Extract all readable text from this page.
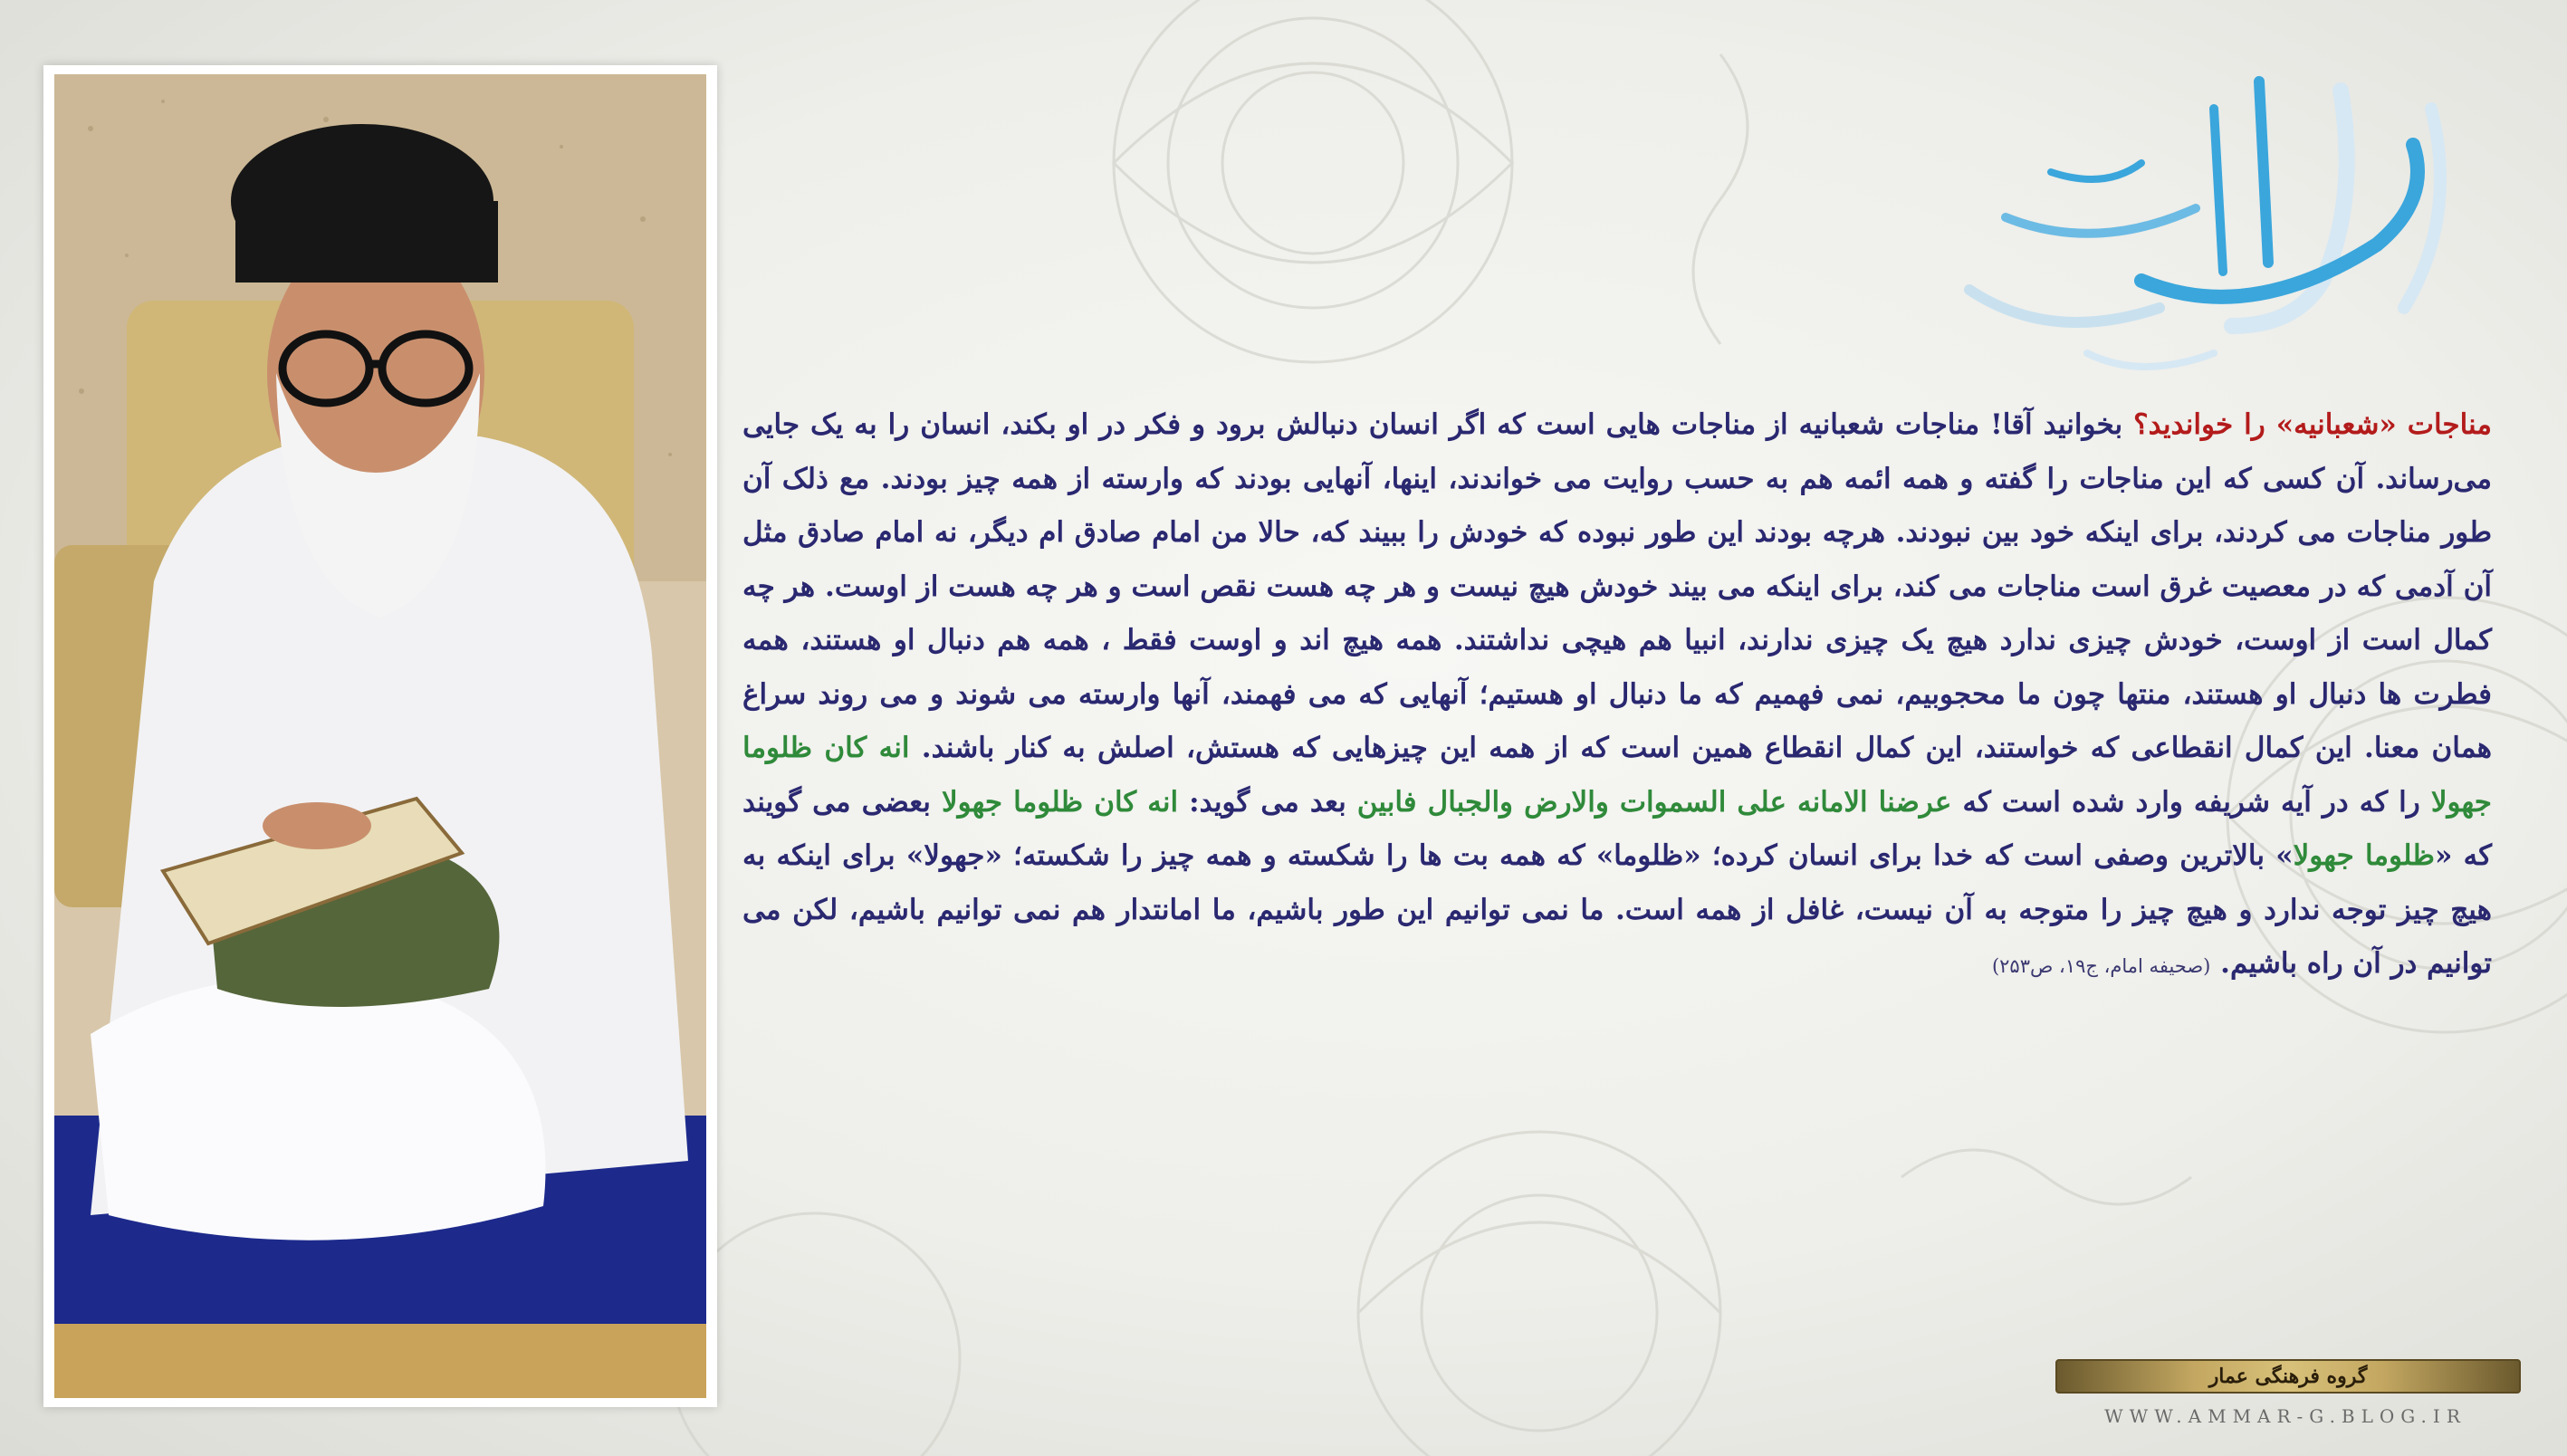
مناجات «شعبانیه» را خواندید؟ بخوانید آقا! مناجات شعبانیه از مناجات هایی است که اگر انسان دنبالش برود و فکر در او بکند، انسان را به یک جایی می‌رساند. آن کسی که این مناجات را گفته و همه ائمه هم به حسب روایت می خواندند، اینها، آنهایی بودند که وارسته از همه چیز بودند. مع ذلک آن طور مناجات می کردند، برای اینکه خود بین نبودند. هرچه بودند این طور نبوده که خودش را ببیند که، حالا من امام صادق ام دیگر، نه امام صادق مثل آن آدمی که در معصیت غرق است مناجات می کند، برای اینکه می بیند خودش هیچ نیست و هر چه هست نقص است و هر چه هست از اوست. هر چه کمال است از اوست، خودش چیزی ندارد هیچ یک چیزی ندارند، انبیا هم هیچی نداشتند. همه هیچ اند و اوست فقط ، همه هم دنبال او هستند، همه فطرت ها دنبال او هستند، منتها چون ما محجوبیم، نمی فهمیم که ما دنبال او هستیم؛ آنهایی که می فهمند، آنها وارسته می شوند و می روند سراغ همان معنا. این کمال انقطاعی که خواستند، این کمال انقطاع همین است که از همه این چیزهایی که هستش، اصلش به کنار باشند. انه کان ظلوما جهولا را که در آیه شریفه وارد شده است که عرضنا الامانه علی السموات والارض والجبال فابین بعد می گوید: انه کان ظلوما جهولا بعضی می گویند که «ظلوما جهولا» بالاترین وصفی است که خدا برای انسان کرده؛ «ظلوما» که همه بت ها را شکسته و همه چیز را شکسته؛ «جهولا» برای اینکه به هیچ چیز توجه ندارد و هیچ چیز را متوجه به آن نیست، غافل از همه است. ما نمی توانیم این طور باشیم، ما امانتدار هم نمی توانیم باشیم، لکن می توانیم در آن راه باشیم. (صحیفه امام، ج۱۹، ص۲۵۳)

گروه فرهنگی عمار
WWW.AMMAR-G.BLOG.IR
